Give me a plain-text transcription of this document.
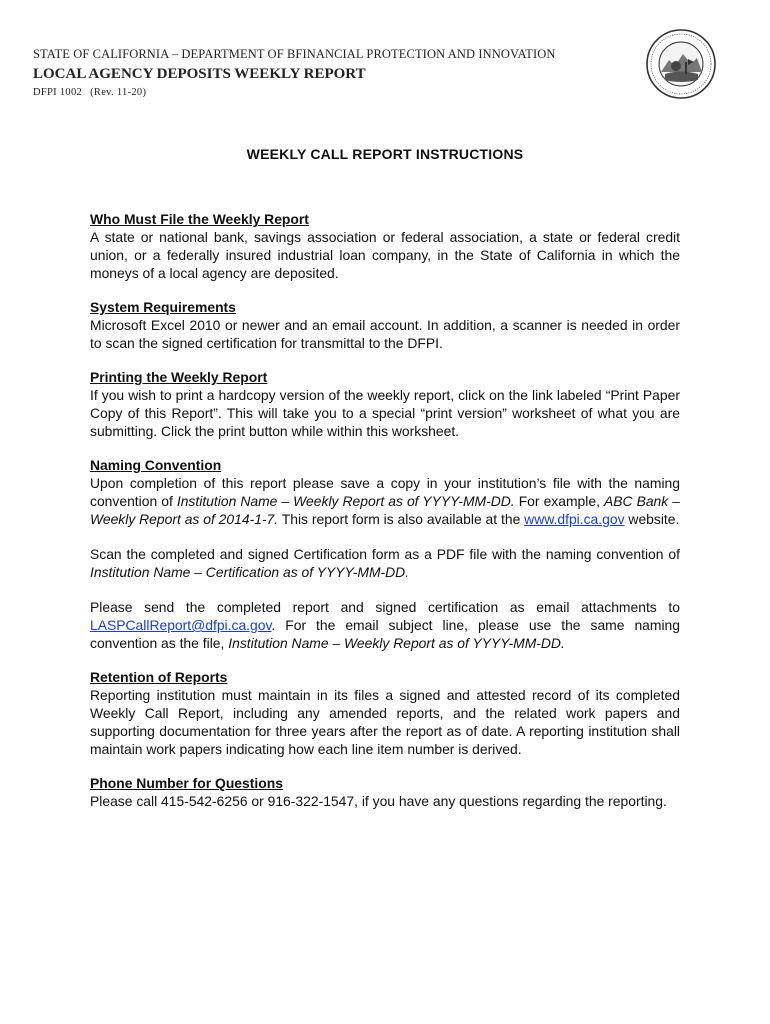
STATE OF CALIFORNIA – DEPARTMENT OF BFINANCIAL PROTECTION AND INNOVATION
LOCAL AGENCY DEPOSITS WEEKLY REPORT
DFPI 1002 (Rev. 11-20)
WEEKLY CALL REPORT INSTRUCTIONS
Who Must File the Weekly Report

A state or national bank, savings association or federal association, a state or federal credit union, or a federally insured industrial loan company, in the State of California in which the moneys of a local agency are deposited.

System Requirements

Microsoft Excel 2010 or newer and an email account. In addition, a scanner is needed in order to scan the signed certification for transmittal to the DFPI.

Printing the Weekly Report

If you wish to print a hardcopy version of the weekly report, click on the link labeled “Print Paper Copy of this Report”. This will take you to a special “print version” worksheet of what you are submitting. Click the print button while within this worksheet.

Naming Convention

Upon completion of this report please save a copy in your institution’s file with the naming convention of Institution Name – Weekly Report as of YYYY-MM-DD. For example, ABC Bank – Weekly Report as of 2014-1-7. This report form is also available at the www.dfpi.ca.gov website.

Scan the completed and signed Certification form as a PDF file with the naming convention of Institution Name – Certification as of YYYY-MM-DD.

Please send the completed report and signed certification as email attachments to LASPCallReport@dfpi.ca.gov. For the email subject line, please use the same naming convention as the file, Institution Name – Weekly Report as of YYYY-MM-DD.

Retention of Reports

Reporting institution must maintain in its files a signed and attested record of its completed Weekly Call Report, including any amended reports, and the related work papers and supporting documentation for three years after the report as of date. A reporting institution shall maintain work papers indicating how each line item number is derived.

Phone Number for Questions

Please call 415-542-6256 or 916-322-1547, if you have any questions regarding the reporting.
